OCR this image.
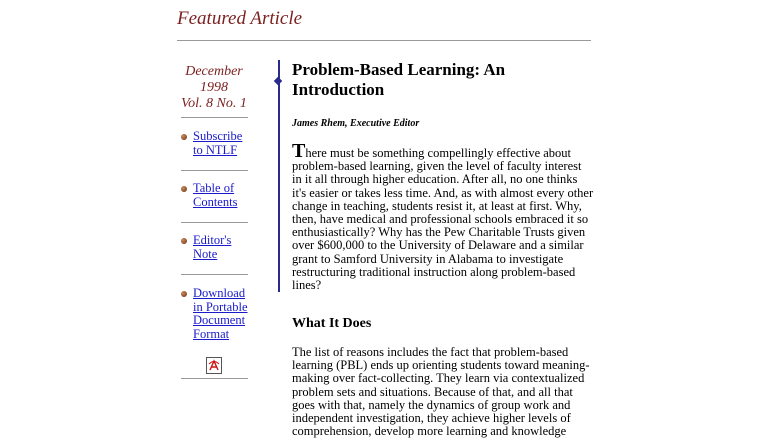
Featured Article
December
1998
Vol. 8 No. 1
Subscribe
to NTLF
Table of
Contents
Editor's
Note
Download
in Portable
Document
Format
Problem-Based Learning: An Introduction

James Rhem, Executive Editor

There must be something compellingly effective about problem-based learning, given the level of faculty interest in it all through higher education. After all, no one thinks it's easier or takes less time. And, as with almost every other change in teaching, students resist it, at least at first. Why, then, have medical and professional schools embraced it so enthusiastically? Why has the Pew Charitable Trusts given over $600,000 to the University of Delaware and a similar grant to Samford University in Alabama to investigate restructuring traditional instruction along problem-based lines?

What It Does

The list of reasons includes the fact that problem-based learning (PBL) ends up orienting students toward meaning-making over fact-collecting. They learn via contextualized problem sets and situations. Because of that, and all that goes with that, namely the dynamics of group work and independent investigation, they achieve higher levels of comprehension, develop more learning and knowledge
